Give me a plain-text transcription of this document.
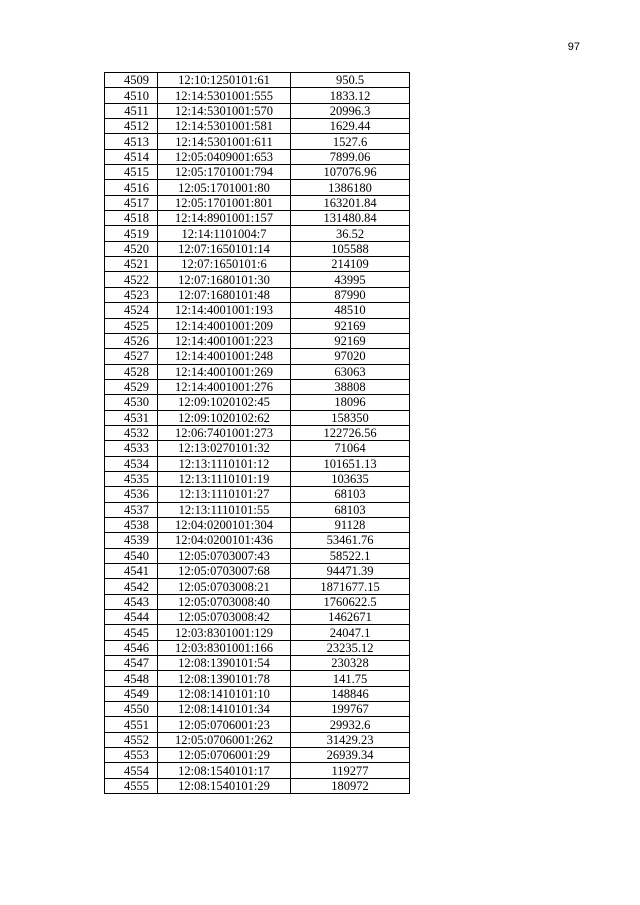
97
4509	12:10:1250101:61	950.5
4510	12:14:5301001:555	1833.12
4511	12:14:5301001:570	20996.3
4512	12:14:5301001:581	1629.44
4513	12:14:5301001:611	1527.6
4514	12:05:0409001:653	7899.06
4515	12:05:1701001:794	107076.96
4516	12:05:1701001:80	1386180
4517	12:05:1701001:801	163201.84
4518	12:14:8901001:157	131480.84
4519	12:14:1101004:7	36.52
4520	12:07:1650101:14	105588
4521	12:07:1650101:6	214109
4522	12:07:1680101:30	43995
4523	12:07:1680101:48	87990
4524	12:14:4001001:193	48510
4525	12:14:4001001:209	92169
4526	12:14:4001001:223	92169
4527	12:14:4001001:248	97020
4528	12:14:4001001:269	63063
4529	12:14:4001001:276	38808
4530	12:09:1020102:45	18096
4531	12:09:1020102:62	158350
4532	12:06:7401001:273	122726.56
4533	12:13:0270101:32	71064
4534	12:13:1110101:12	101651.13
4535	12:13:1110101:19	103635
4536	12:13:1110101:27	68103
4537	12:13:1110101:55	68103
4538	12:04:0200101:304	91128
4539	12:04:0200101:436	53461.76
4540	12:05:0703007:43	58522.1
4541	12:05:0703007:68	94471.39
4542	12:05:0703008:21	1871677.15
4543	12:05:0703008:40	1760622.5
4544	12:05:0703008:42	1462671
4545	12:03:8301001:129	24047.1
4546	12:03:8301001:166	23235.12
4547	12:08:1390101:54	230328
4548	12:08:1390101:78	141.75
4549	12:08:1410101:10	148846
4550	12:08:1410101:34	199767
4551	12:05:0706001:23	29932.6
4552	12:05:0706001:262	31429.23
4553	12:05:0706001:29	26939.34
4554	12:08:1540101:17	119277
4555	12:08:1540101:29	180972
